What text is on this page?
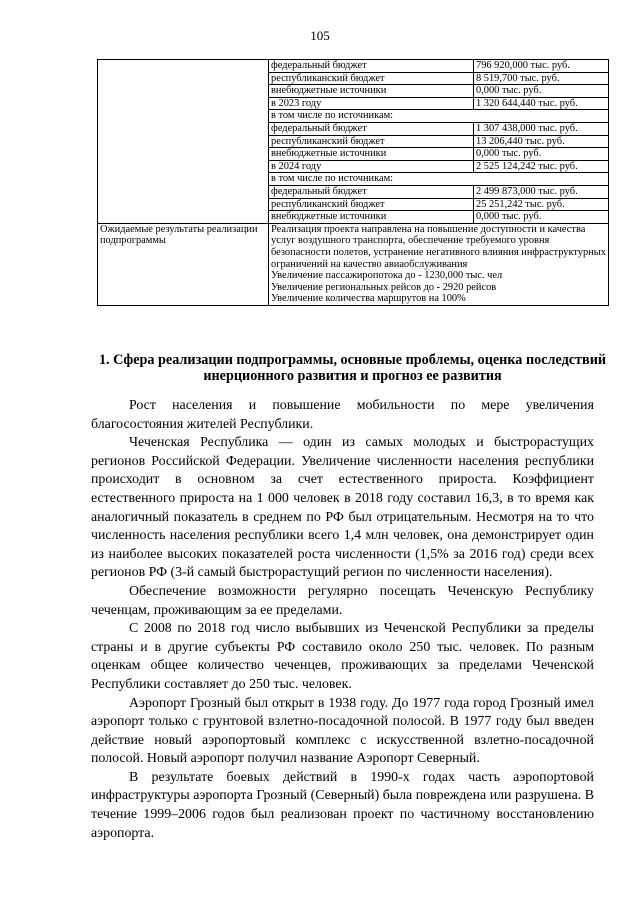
105
	федеральный бюджет	796 920,000 тыс. руб.
	республиканский бюджет	8 519,700 тыс. руб.
	внебюджетные источники	0,000 тыс. руб.
	в 2023 году	1 320 644,440 тыс. руб.
	в том числе по источникам:	
	федеральный бюджет	1 307 438,000 тыс. руб.
	республиканский бюджет	13 206,440 тыс. руб.
	внебюджетные источники	0,000 тыс. руб.
	в 2024 году	2 525 124,242 тыс. руб.
	в том числе по источникам:	
	федеральный бюджет	2 499 873,000 тыс. руб.
	республиканский бюджет	25 251,242 тыс. руб.
	внебюджетные источники	0,000 тыс. руб.
Ожидаемые результаты реализации подпрограммы	Реализация проекта направлена на повышение доступности и качества услуг воздушного транспорта, обеспечение требуемого уровня безопасности полетов, устранение негативного влияния инфраструктурных ограничений на качество авиаобслуживания
Увеличение пассажиропотока до - 1230,000 тыс. чел
Увеличение региональных рейсов до - 2920 рейсов
Увеличение количества маршрутов на 100%	
1. Сфера реализации подпрограммы, основные проблемы, оценка последствий инерционного развития и прогноз ее развития

Рост населения и повышение мобильности по мере увеличения благосостояния жителей Республики.

Чеченская Республика — один из самых молодых и быстрорастущих регионов Российской Федерации. Увеличение численности населения республики происходит в основном за счет естественного прироста. Коэффициент естественного прироста на 1 000 человек в 2018 году составил 16,3, в то время как аналогичный показатель в среднем по РФ был отрицательным. Несмотря на то что численность населения республики всего 1,4 млн человек, она демонстрирует один из наиболее высоких показателей роста численности (1,5% за 2016 год) среди всех регионов РФ (3-й самый быстрорастущий регион по численности населения).

Обеспечение возможности регулярно посещать Чеченскую Республику чеченцам, проживающим за ее пределами.

С 2008 по 2018 год число выбывших из Чеченской Республики за пределы страны и в другие субъекты РФ составило около 250 тыс. человек. По разным оценкам общее количество чеченцев, проживающих за пределами Чеченской Республики составляет до 250 тыс. человек.

Аэропорт Грозный был открыт в 1938 году. До 1977 года город Грозный имел аэропорт только с грунтовой взлетно-посадочной полосой. В 1977 году был введен действие новый аэропортовый комплекс с искусственной взлетно-посадочной полосой. Новый аэропорт получил название Аэропорт Северный.

В результате боевых действий в 1990-х годах часть аэропортовой инфраструктуры аэропорта Грозный (Северный) была повреждена или разрушена. В течение 1999–2006 годов был реализован проект по частичному восстановлению аэропорта.
